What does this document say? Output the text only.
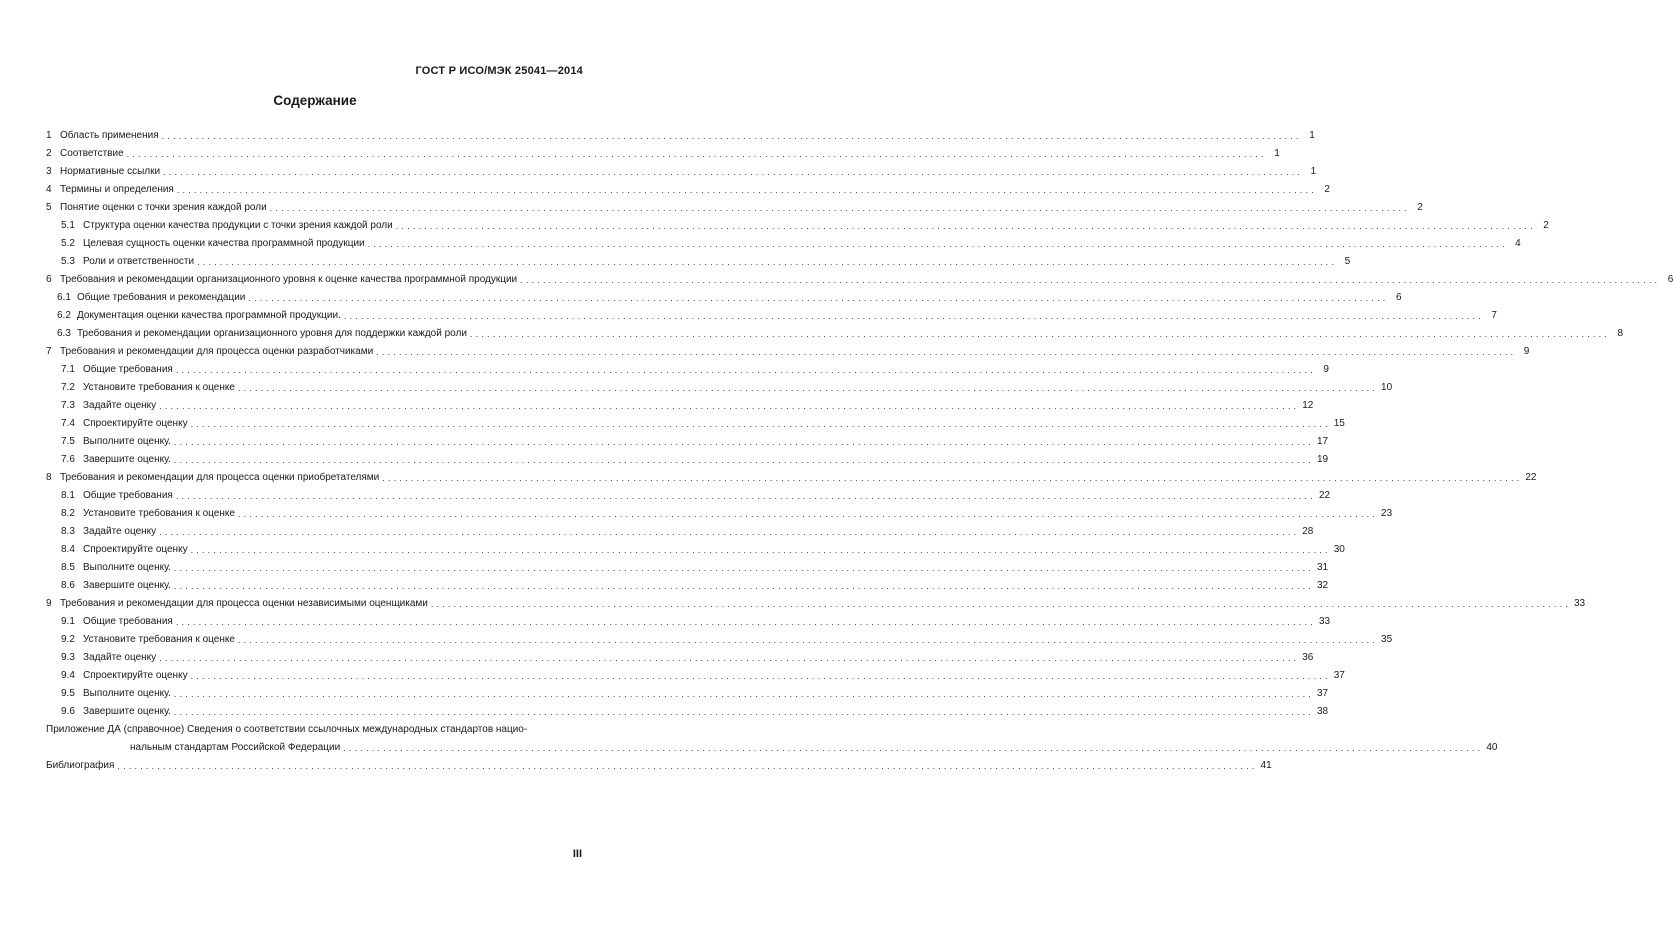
ГОСТ Р ИСО/МЭК 25041—2014
Содержание
1 Область применения ........................................................................................................................................................................................................ 1
2 Соответствие ........................................................................................................................................................................................................ 1
3 Нормативные ссылки ........................................................................................................................................................................................................ 1
4 Термины и определения ........................................................................................................................................................................................................ 2
5 Понятие оценки с точки зрения каждой роли ........................................................................................................................................................................................................ 2
5.1 Структура оценки качества продукции с точки зрения каждой роли ........................................................................................................................................................................................................ 2
5.2 Целевая сущность оценки качества программной продукции ........................................................................................................................................................................................................ 4
5.3 Роли и ответственности ........................................................................................................................................................................................................ 5
6 Требования и рекомендации организационного уровня к оценке качества программной продукции ........................................................................................................................................................................................................ 6
6.1 Общие требования и рекомендации ........................................................................................................................................................................................................ 6
6.2 Документация оценки качества программной продукции. ........................................................................................................................................................................................................ 7
6.3 Требования и рекомендации организационного уровня для поддержки каждой роли ........................................................................................................................................................................................................ 8
7 Требования и рекомендации для процесса оценки разработчиками ........................................................................................................................................................................................................ 9
7.1 Общие требования ........................................................................................................................................................................................................ 9
7.2 Установите требования к оценке ........................................................................................................................................................................................................ 10
7.3 Задайте оценку ........................................................................................................................................................................................................ 12
7.4 Спроектируйте оценку ........................................................................................................................................................................................................ 15
7.5 Выполните оценку. ........................................................................................................................................................................................................ 17
7.6 Завершите оценку. ........................................................................................................................................................................................................ 19
8 Требования и рекомендации для процесса оценки приобретателями ........................................................................................................................................................................................................ 22
8.1 Общие требования ........................................................................................................................................................................................................ 22
8.2 Установите требования к оценке ........................................................................................................................................................................................................ 23
8.3 Задайте оценку ........................................................................................................................................................................................................ 28
8.4 Спроектируйте оценку ........................................................................................................................................................................................................ 30
8.5 Выполните оценку. ........................................................................................................................................................................................................ 31
8.6 Завершите оценку. ........................................................................................................................................................................................................ 32
9 Требования и рекомендации для процесса оценки независимыми оценщиками ........................................................................................................................................................................................................ 33
9.1 Общие требования ........................................................................................................................................................................................................ 33
9.2 Установите требования к оценке ........................................................................................................................................................................................................ 35
9.3 Задайте оценку ........................................................................................................................................................................................................ 36
9.4 Спроектируйте оценку ........................................................................................................................................................................................................ 37
9.5 Выполните оценку. ........................................................................................................................................................................................................ 37
9.6 Завершите оценку. ........................................................................................................................................................................................................ 38
Приложение ДА (справочное) Сведения о соответствии ссылочных международных стандартов нацио-
нальным стандартам Российской Федерации ........................................................................................................................................................................................................ 40
Библиография ........................................................................................................................................................................................................ 41
III
